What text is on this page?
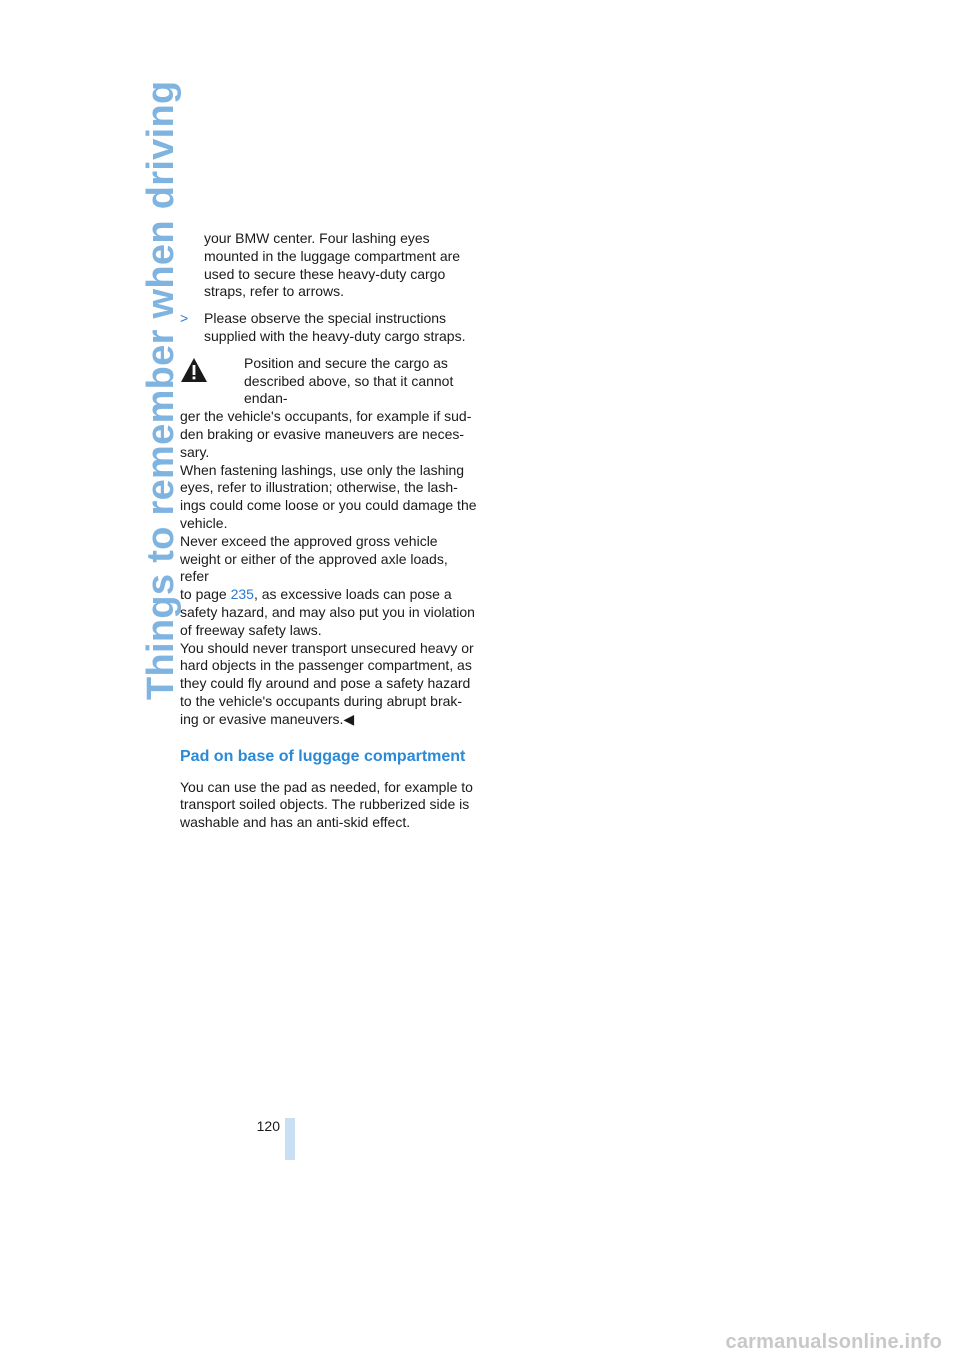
Things to remember when driving your BMW center. Four lashing eyes
mounted in the luggage compartment are
used to secure these heavy-duty cargo
straps, refer to arrows.
> Please observe the special instructions
supplied with the heavy-duty cargo straps.
Position and secure the cargo as
described above, so that it cannot endan-
ger the vehicle's occupants, for example if sud-
den braking or evasive maneuvers are neces-
sary.
When fastening lashings, use only the lashing
eyes, refer to illustration; otherwise, the lash-
ings could come loose or you could damage the
vehicle.
Never exceed the approved gross vehicle
weight or either of the approved axle loads, refer
to page 235, as excessive loads can pose a
safety hazard, and may also put you in violation
of freeway safety laws.
You should never transport unsecured heavy or
hard objects in the passenger compartment, as
they could fly around and pose a safety hazard
to the vehicle's occupants during abrupt brak-
ing or evasive maneuvers.◀
Pad on base of luggage compartment
You can use the pad as needed, for example to
transport soiled objects. The rubberized side is
washable and has an anti-skid effect.
120
carmanualsonline.info
